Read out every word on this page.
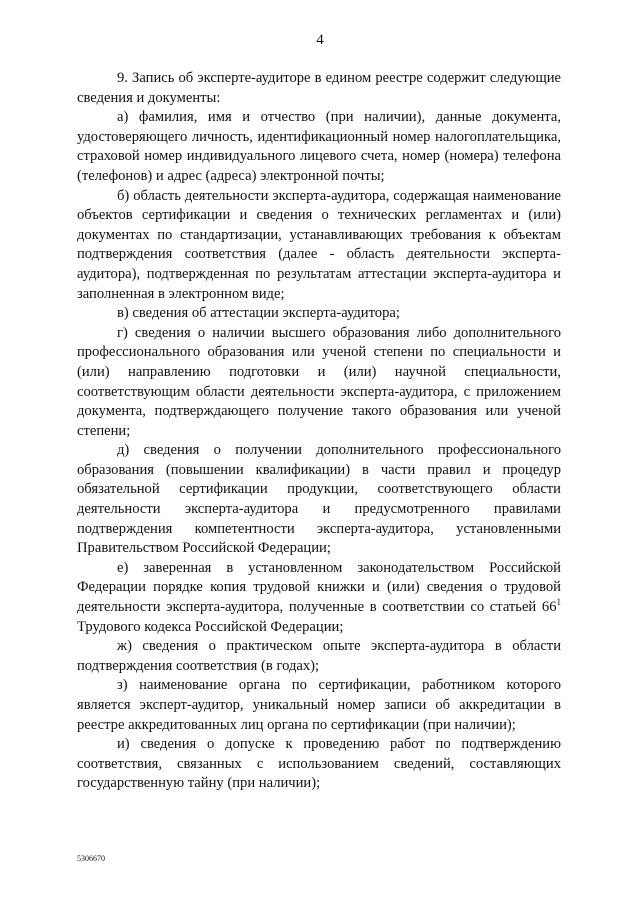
4

9. Запись об эксперте-аудиторе в едином реестре содержит следующие сведения и документы:

а) фамилия, имя и отчество (при наличии), данные документа, удостоверяющего личность, идентификационный номер налогоплательщика, страховой номер индивидуального лицевого счета, номер (номера) телефона (телефонов) и адрес (адреса) электронной почты;

б) область деятельности эксперта-аудитора, содержащая наименование объектов сертификации и сведения о технических регламентах и (или) документах по стандартизации, устанавливающих требования к объектам подтверждения соответствия (далее - область деятельности эксперта-аудитора), подтвержденная по результатам аттестации эксперта-аудитора и заполненная в электронном виде;

в) сведения об аттестации эксперта-аудитора;

г) сведения о наличии высшего образования либо дополнительного профессионального образования или ученой степени по специальности и (или) направлению подготовки и (или) научной специальности, соответствующим области деятельности эксперта-аудитора, с приложением документа, подтверждающего получение такого образования или ученой степени;

д) сведения о получении дополнительного профессионального образования (повышении квалификации) в части правил и процедур обязательной сертификации продукции, соответствующего области деятельности эксперта-аудитора и предусмотренного правилами подтверждения компетентности эксперта-аудитора, установленными Правительством Российской Федерации;

е) заверенная в установленном законодательством Российской Федерации порядке копия трудовой книжки и (или) сведения о трудовой деятельности эксперта-аудитора, полученные в соответствии со статьей $66^1$ Трудового кодекса Российской Федерации;

ж) сведения о практическом опыте эксперта-аудитора в области подтверждения соответствия (в годах);

з) наименование органа по сертификации, работником которого является эксперт-аудитор, уникальный номер записи об аккредитации в реестре аккредитованных лиц органа по сертификации (при наличии);

и) сведения о допуске к проведению работ по подтверждению соответствия, связанных с использованием сведений, составляющих государственную тайну (при наличии);

5306670
